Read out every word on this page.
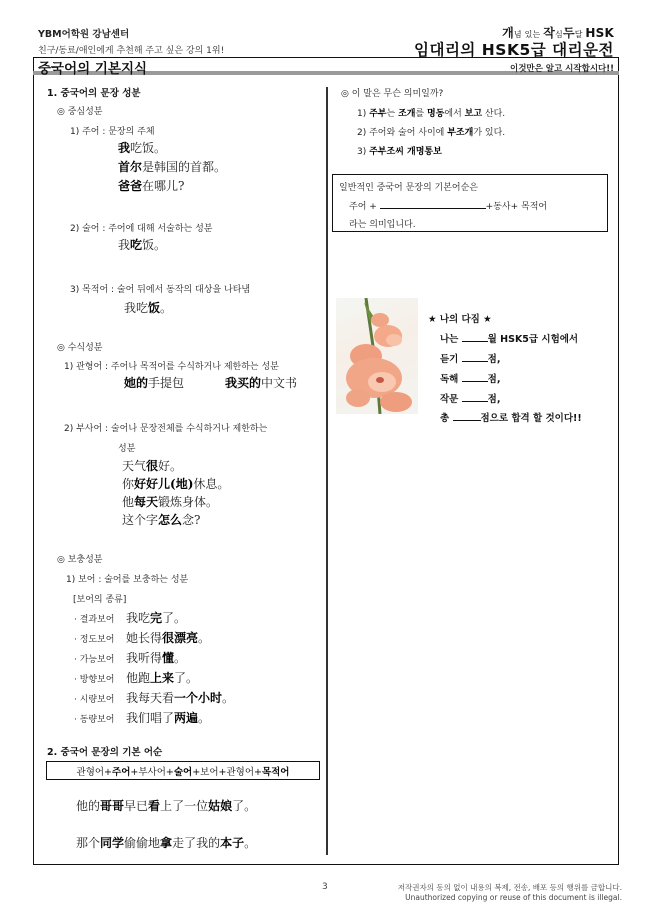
YBM어학원 강남센터
친구/동료/애인에게 추천해 주고 싶은 강의 1위!
개념 있는 작심두달 HSK
임대리의 HSK5급 대리운전
중국어의 기본지식	이것만은 알고 시작합시다!!
1. 중국어의 문장 성분
◎ 중심성분
1) 주어 : 문장의 주체
我吃饭。
首尔是韩国的首都。
爸爸在哪儿?
2) 술어 : 주어에 대해 서술하는 성분
我吃饭。
3) 목적어 : 술어 뒤에서 동작의 대상을 나타냄
我吃饭。
◎ 수식성분
1) 관형어 : 주어나 목적어를 수식하거나 제한하는 성분
她的手提包	我买的中文书
2) 부사어 : 술어나 문장전체를 수식하거나 제한하는
성분
天气很好。
你好好儿(地)休息。
他每天锻炼身体。
这个字怎么念?
◎ 보충성분
1) 보어 : 술어를 보충하는 성분
[보어의 종류]
· 결과보어 我吃完了。
· 정도보어 她长得很漂亮。
· 가능보어 我听得懂。
· 방향보어 他跑上来了。
· 시량보어 我每天看一个小时。
· 동량보어 我们唱了两遍。
2. 중국어 문장의 기본 어순
관형어+주어+부사어+술어+보어+관형어+목적어
他的哥哥早已看上了一位姑娘了。
那个同学偷偷地拿走了我的本子。
◎ 이 말은 무슨 의미일까?
1) 주부는 조개를 명동에서 보고 산다.
2) 주어와 술어 사이에 부조개가 있다.
3) 주부조씨 개명통보
일반적인 중국어 문장의 기본어순은
주어 +	+동사+ 목적어
라는 의미입니다.
★ 나의 다짐 ★
나는	월 HSK5급 시험에서
듣기	점,
독해	점,
작문	점,
총	점으로 합격 할 것이다!!
3	저작권자의 동의 없이 내용의 복제, 전송, 배포 등의 행위를 금합니다.
Unauthorized copying or reuse of this document is illegal.
